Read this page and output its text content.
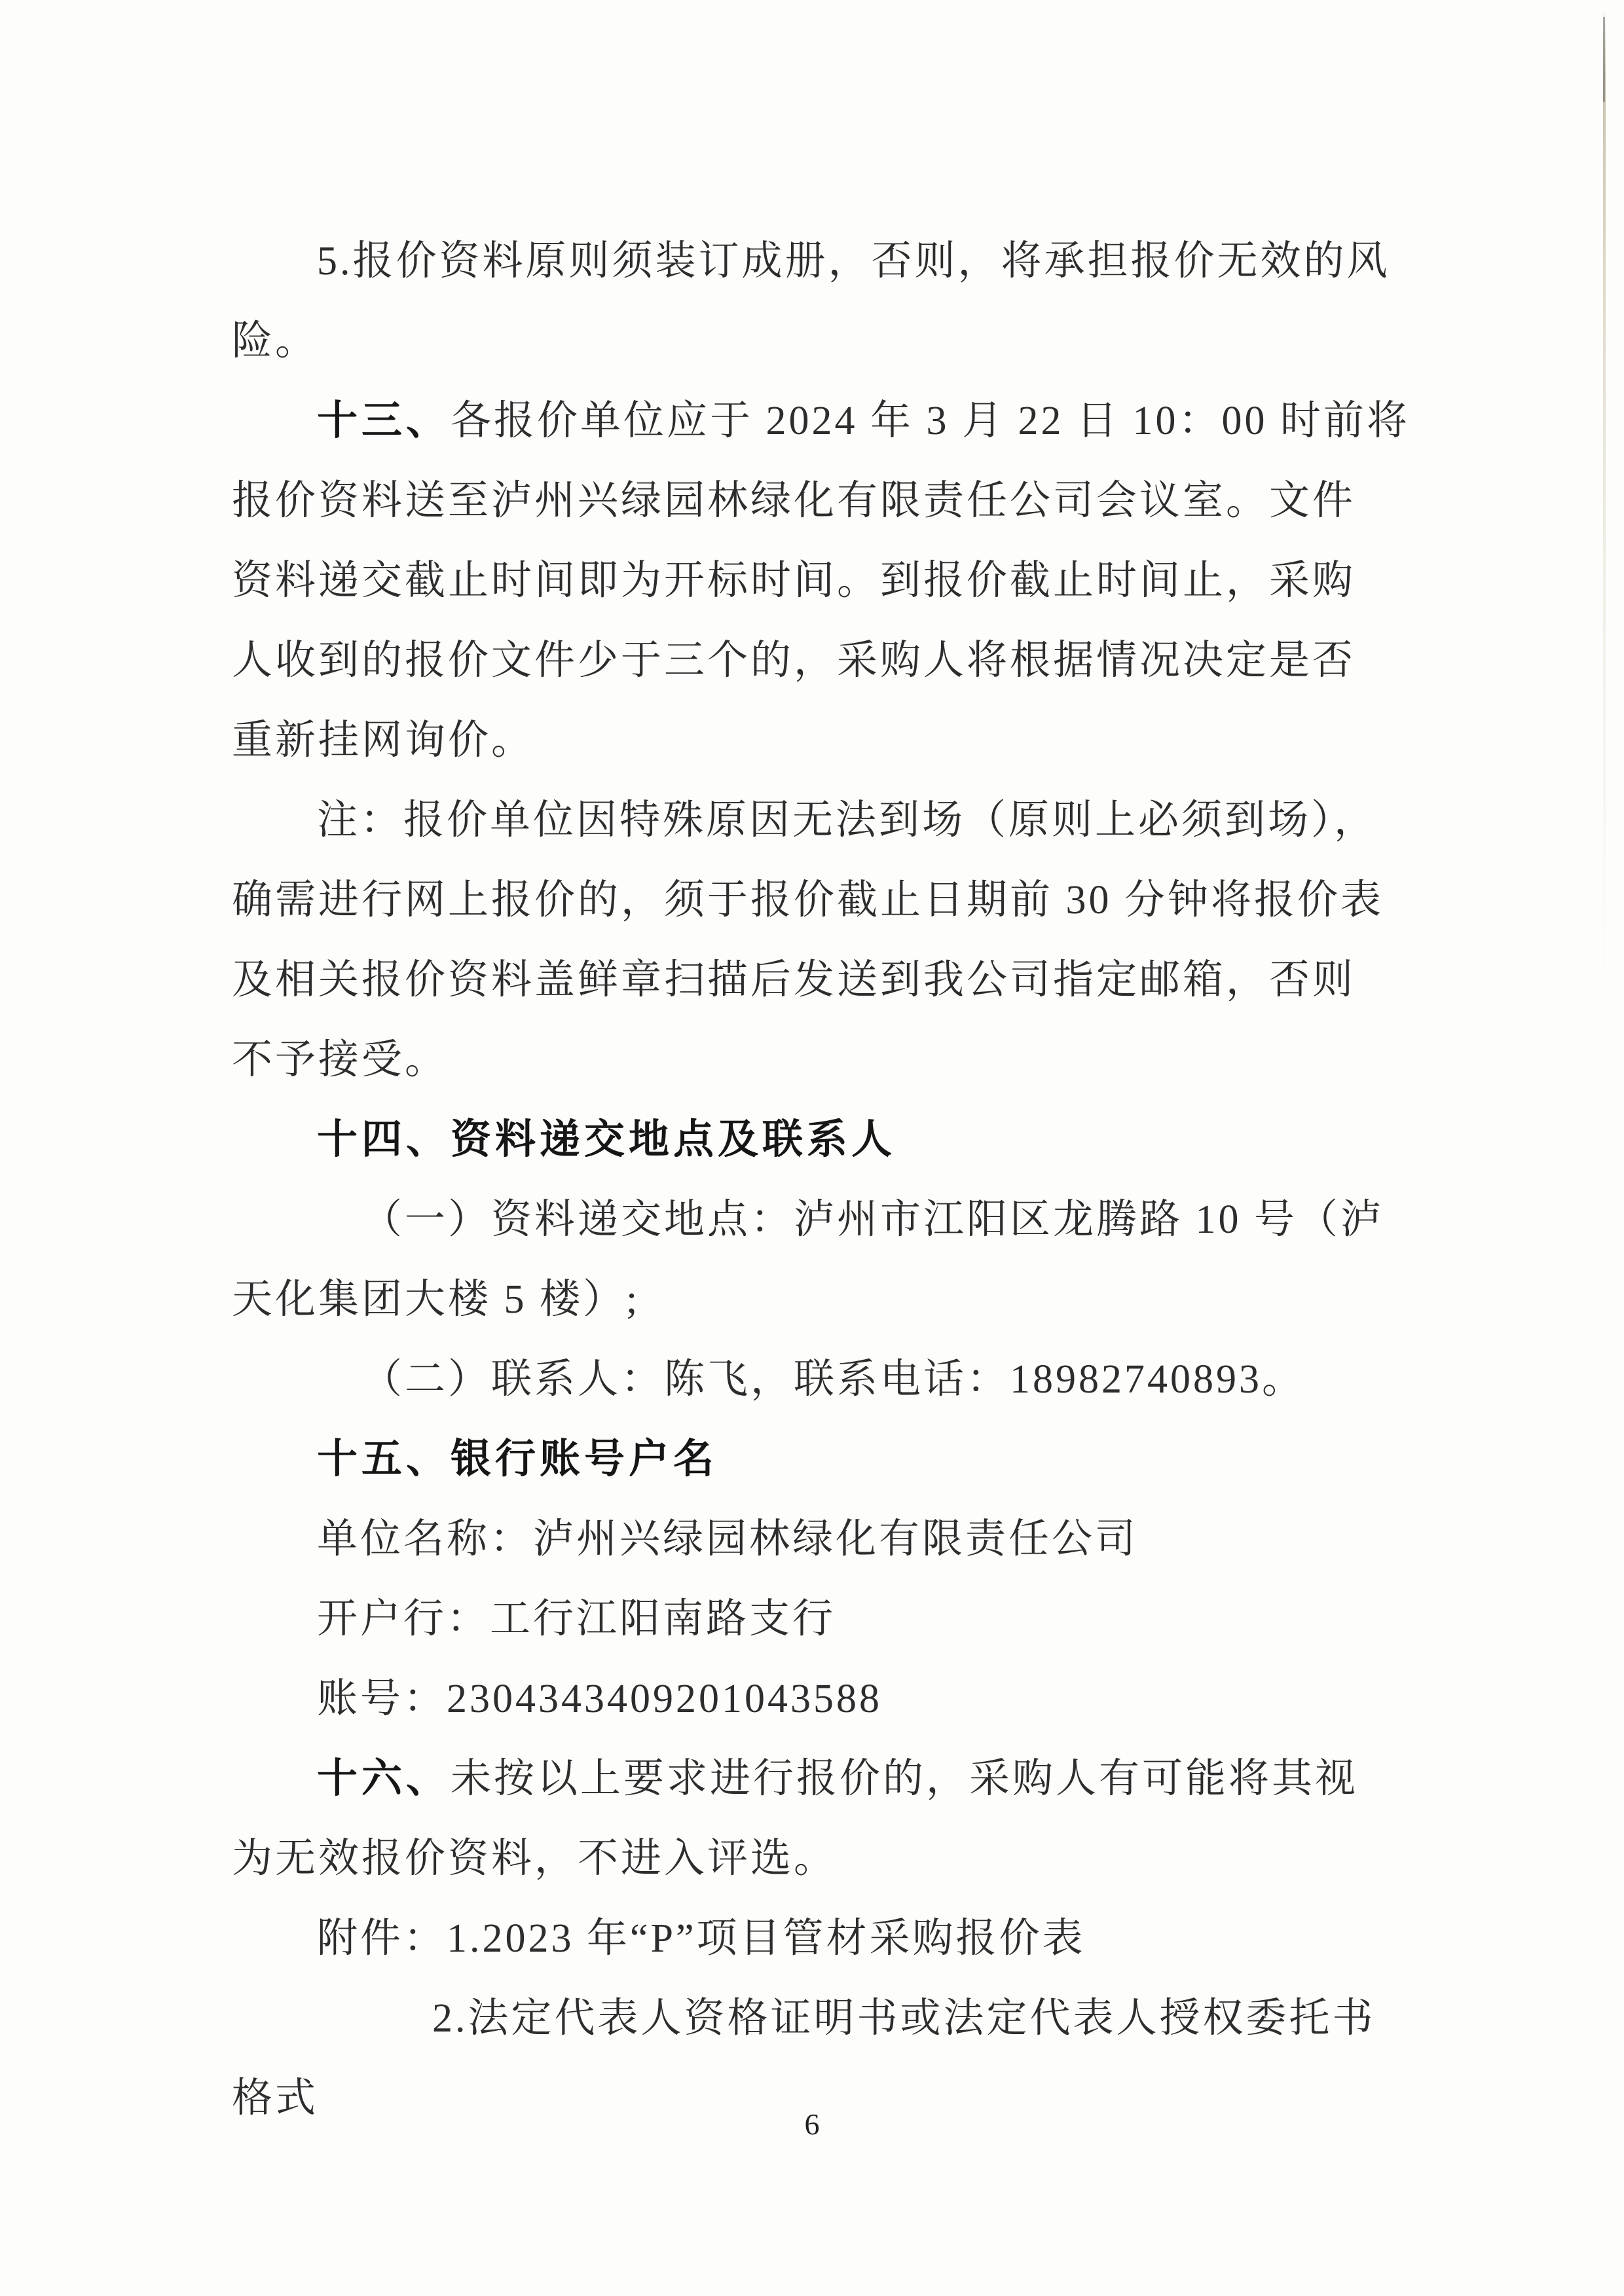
5.报价资料原则须装订成册，否则，将承担报价无效的风
险。
十三、各报价单位应于 2024 年 3 月 22 日 10：00 时前将
报价资料送至泸州兴绿园林绿化有限责任公司会议室。文件
资料递交截止时间即为开标时间。到报价截止时间止，采购
人收到的报价文件少于三个的，采购人将根据情况决定是否
重新挂网询价。
注：报价单位因特殊原因无法到场（原则上必须到场），
确需进行网上报价的，须于报价截止日期前 30 分钟将报价表
及相关报价资料盖鲜章扫描后发送到我公司指定邮箱，否则
不予接受。
十四、资料递交地点及联系人
（一）资料递交地点：泸州市江阳区龙腾路 10 号（泸
天化集团大楼 5 楼）;
（二）联系人：陈飞，联系电话：18982740893。
十五、银行账号户名
单位名称：泸州兴绿园林绿化有限责任公司
开户行：工行江阳南路支行
账号：2304343409201043588
十六、未按以上要求进行报价的，采购人有可能将其视
为无效报价资料，不进入评选。
附件：1.2023 年“P”项目管材采购报价表
2.法定代表人资格证明书或法定代表人授权委托书
格式
6
